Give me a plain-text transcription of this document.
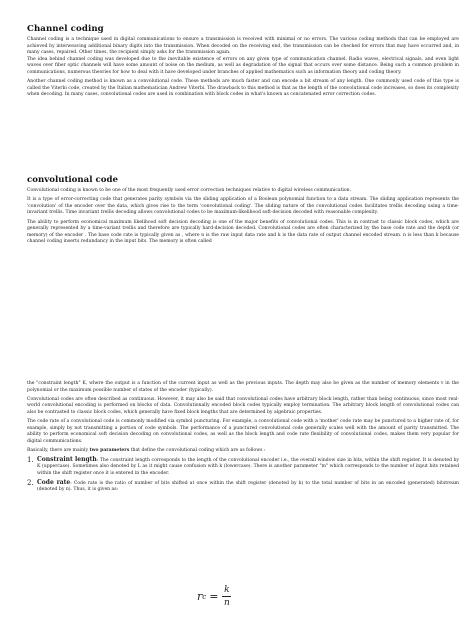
Channel coding

Channel coding is a technique used in digital communications to ensure a transmission is received with minimal or no errors. The various coding methods that can be employed are achieved by interweaving additional binary digits into the transmission. When decoded on the receiving end, the transmission can be checked for errors that may have occurred and, in many cases, repaired. Other times, the recipient simply asks for the transmission again.

The idea behind channel coding was developed due to the inevitable existence of errors on any given type of communication channel. Radio waves, electrical signals, and even light waves over fiber optic channels will have some amount of noise on the medium, as well as degradation of the signal that occurs over some distance. Being such a common problem in communications, numerous theories for how to deal with it have developed under branches of applied mathematics such as information theory and coding theory.

Another channel coding method is known as a convolutional code. These methods are much faster and can encode a bit stream of any length. One commonly used code of this type is called the Viterbi code, created by the Italian mathematician Andrew Viterbi. The drawback to this method is that as the length of the convolutional code increases, so does its complexity when decoding. In many cases, convolutional codes are used in combination with block codes in what's known as concatenated error correction codes.

convolutional code

Convolutional coding is known to be one of the most frequently used error correction techniques relative to digital wireless communication.

It is a type of error-correcting code that generates parity symbols via the sliding application of a Boolean polynomial function to a data stream. The sliding application represents the 'convolution' of the encoder over the data, which gives rise to the term 'convolutional coding'. The sliding nature of the convolutional codes facilitates trellis decoding using a time-invariant trellis. Time invariant trellis decoding allows convolutional codes to be maximum-likelihood soft-decision decoded with reasonable complexity.

The ability to perform economical maximum likelihood soft decision decoding is one of the major benefits of convolutional codes. This is in contrast to classic block codes, which are generally represented by a time-variant trellis and therefore are typically hard-decision decoded. Convolutional codes are often characterized by the base code rate and the depth (or memory) of the encoder . The base code rate is typically given as , where n is the raw input data rate and k is the data rate of output channel encoded stream. n is less than k because channel coding inserts redundancy in the input bits. The memory is often called

the "constraint length" K, where the output is a function of the current input as well as the previous inputs. The depth may also be given as the number of memory elements v in the polynomial or the maximum possible number of states of the encoder (typically).

Convolutional codes are often described as continuous. However, it may also be said that convolutional codes have arbitrary block length, rather than being continuous, since most real-world convolutional encoding is performed on blocks of data. Convolutionally encoded block codes typically employ termination. The arbitrary block length of convolutional codes can also be contrasted to classic block codes, which generally have fixed block lengths that are determined by algebraic properties.

The code rate of a convolutional code is commonly modified via symbol puncturing. For example, a convolutional code with a 'mother' code rate may be punctured to a higher rate of, for example, simply by not transmitting a portion of code symbols. The performance of a punctured convolutional code generally scales well with the amount of parity transmitted. The ability to perform economical soft decision decoding on convolutional codes, as well as the block length and code rate flexibility of convolutional codes, makes them very popular for digital communications.

Basically, there are mainly two parameters that define the convolutional coding which are as follows :

1. Constraint length: The constraint length corresponds to the length of the convolutional encoder i.e., the overall window size in bits, within the shift register. It is denoted by K (uppercase). Sometimes also denoted by L as it might cause confusion with k (lowercase). There is another parameter "m" which corresponds to the number of input bits retained within the shift register once it is entered in the encoder.
2. Code rate: Code rate is the ratio of number of bits shifted at once within the shift register (denoted by k) to the total number of bits in an encoded (generated) bitstream (denoted by n). Thus, it is given as:
r $c = \frac{k}{n}$
